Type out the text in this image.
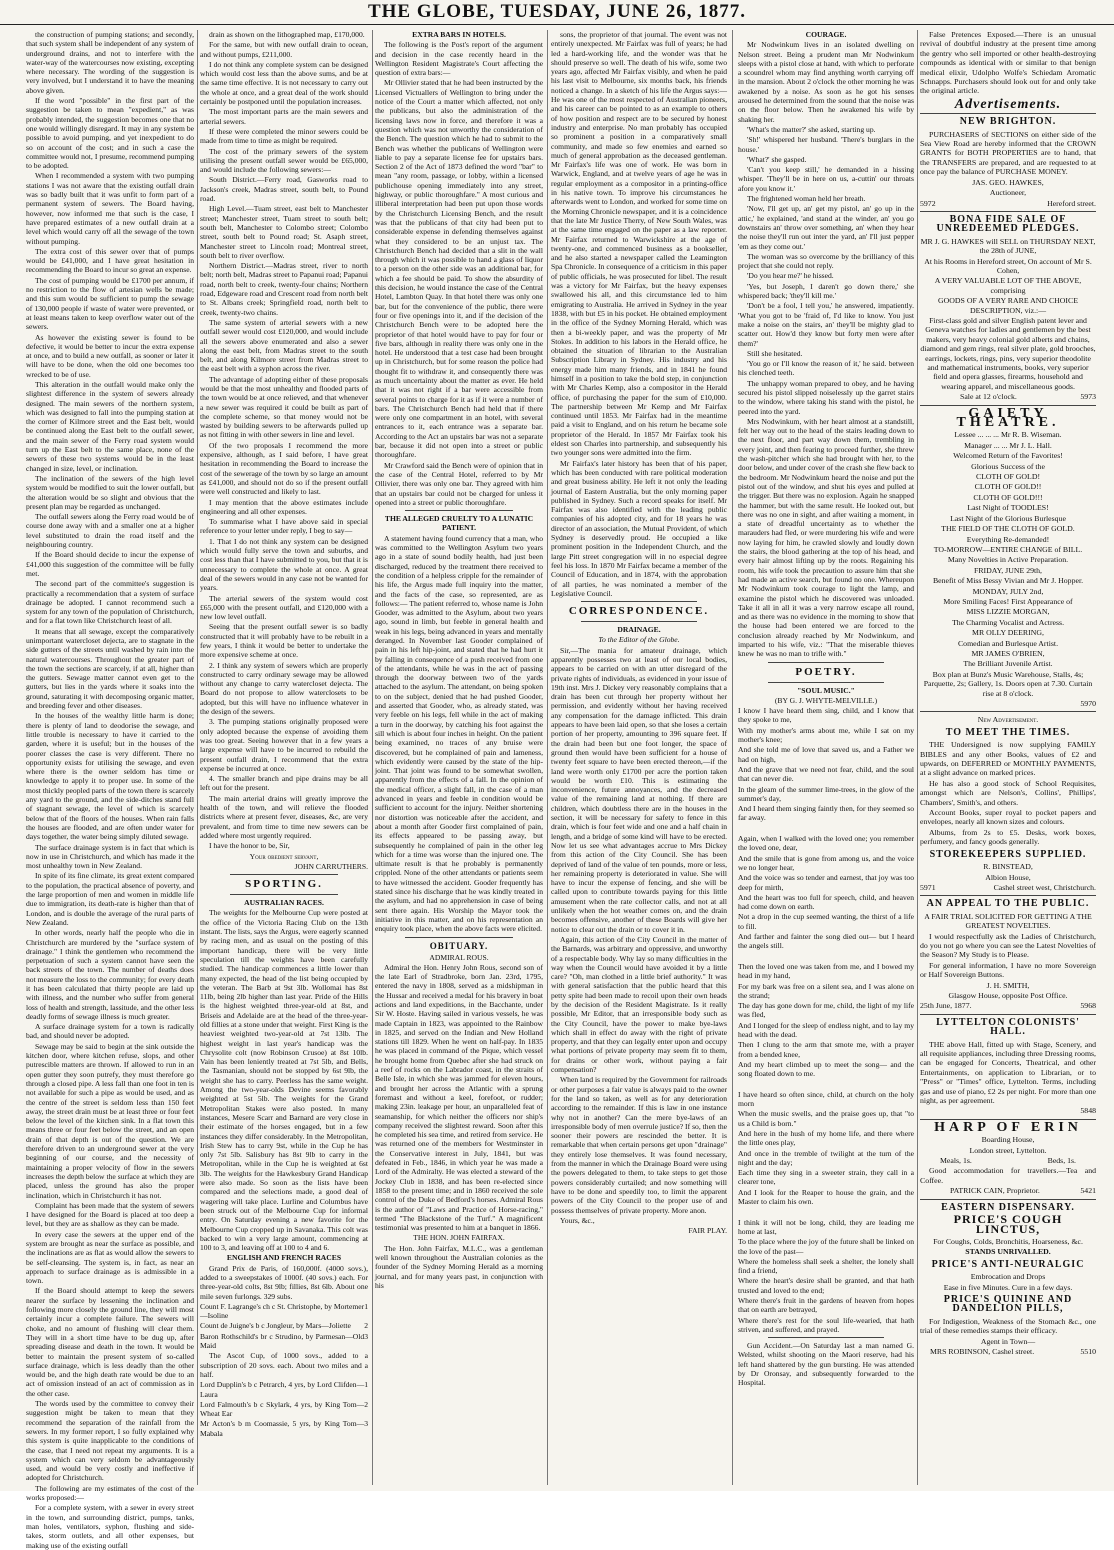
THE GLOBE, TUESDAY, JUNE 26, 1877.

the construction of pumping stations; and secondly, that such system shall be independent of any system of underground drains, and not to interfere with the water-way of the watercourses now existing, excepting where necessary. The wording of the suggestion is very involved, but I understand it to have the meaning above given.

If the word "possible" in the first part of the suggestion be taken to mean "expedient," as was probably intended, the suggestion becomes one that no one would willingly disregard. It may in any system be possible to avoid pumping, and yet inexpedient to do so on account of the cost; and in such a case the committee would not, I presume, recommend pumping to be adopted.

When I recommended a system with two pumping stations I was not aware that the existing outfall drain was so badly built that it was unfit to form part of a permanent system of sewers. The Board having, however, now informed me that such is the case, I have prepared estimates of a new outfall drain at a level which would carry off all the sewage of the town without pumping.

The extra cost of this sewer over that of pumps would be £41,000, and I have great hesitation in recommending the Board to incur so great an expense.

The cost of pumping would be £1700 per annum, if no restriction to the flow of artesian wells be made; and this sum would be sufficient to pump the sewage of 130,000 people if waste of water were prevented, or at least means taken to keep overflow water out of the sewers.

As however the existing sewer is found to be defective, it would be better to incur the extra expense at once, and to build a new outfall, as sooner or later it will have to be done, when the old one becomes too wrecked to be of use.

This alteration in the outfall would make only the slightest difference in the system of sewers already designed. The main sewers of the northern system, which was designed to fall into the pumping station at the corner of Kilmore street and the East belt, would be continued along the East belt to the outfall sewer, and the main sewer of the Ferry road system would turn up the East belt to the same place, none of the sewers of these two systems would be in the least changed in size, level, or inclination.

The inclination of the sewers of the high level system would be modified to suit the lower outfall, but the alteration would be so slight and obvious that the present plan may be regarded as unchanged.

The outfall sewers along the Ferry road would be of course done away with and a smaller one at a higher level substituted to drain the road itself and the neighbouring country.

If the Board should decide to incur the expense of £41,000 this suggestion of the committee will be fully met.

The second part of the committee's suggestion is practically a recommendation that a system of surface drainage be adopted. I cannot recommend such a system for any town of the population of Christchurch, and for a flat town like Christchurch least of all.

It means that all sewage, except the comparatively unimportant watercloset dejecta, are to stagnate in the side gutters of the streets until washed by rain into the natural watercourses. Throughout the greater part of the town the sections are scarcely, if at all, higher than the gutters. Sewage matter cannot even get to the gutters, but lies in the yards where it soaks into the ground, saturating it with decomposing organic matter, and breeding fever and other diseases.

In the houses of the wealthy little harm is done; there is plenty of land to deodorise the sewage, and little trouble is necessary to have it carried to the garden, where it is useful; but in the houses of the poorer classes the case is very different. There no opportunity exists for utilising the sewage, and even where there is the owner seldom has time or knowledge to apply it to proper use. In some of the most thickly peopled parts of the town there is scarcely any yard to the ground, and the side-ditches stand full of stagnant sewage, the level of which is scarcely below that of the floors of the houses. When rain falls the houses are flooded, and are often under water for days together, the water being simply diluted sewage.

The surface drainage system is in fact that which is now in use in Christchurch, and which has made it the most unhealthy town in New Zealand.

In spite of its fine climate, its great extent compared to the population, the practical absence of poverty, and the large proportion of men and women in middle life due to immigration, its death-rate is higher than that of London, and is double the average of the rural parts of New Zealand.

In other words, nearly half the people who die in Christchurch are murdered by the "surface system of drainage." I think the gentlemen who recommend the perpetuation of such a system cannot have seen the back streets of the town. The number of deaths does not measure the loss to the community; for every death it has been calculated that thirty people are laid up with illness, and the number who suffer from general loss of health and strength, lassitude, and the other less deadly forms of sewage illness is much greater.

A surface drainage system for a town is radically bad, and should never be adopted.

Sewage may be said to begin at the sink outside the kitchen door, where kitchen refuse, slops, and other putrescible matters are thrown. If allowed to run in an open gutter they soon putrefy, they must therefore go through a closed pipe. A less fall than one foot in ten is not available for such a pipe as would be used, and as the centre of the street is seldom less than 150 feet away, the street drain must be at least three or four feet below the level of the kitchen sink. In a flat town this means three or four feet below the street, and an open drain of that depth is out of the question. We are therefore driven to an underground sewer at the very beginning of our course, and the necessity of maintaining a proper velocity of flow in the sewers increases the depth below the surface at which they are placed, unless the ground has also the proper inclination, which in Christchurch it has not.

Complaint has been made that the system of sewers I have designed for the Board is placed at too deep a level, but they are as shallow as they can be made.

In every case the sewers at the upper end of the system are brought as near the surface as possible, and the inclinations are as flat as would allow the sewers to be self-cleansing. The system is, in fact, as near an approach to surface drainage as is admissible in a town.

If the Board should attempt to keep the sewers nearer the surface by lessening the inclination and following more closely the ground line, they will most certainly incur a complete failure. The sewers will choke, and no amount of flushing will clear them. They will in a short time have to be dug up, after spreading disease and death in the town. It would be better to maintain the present system of so-called surface drainage, which is less deadly than the other would be, and the high death rate would be due to an act of omission instead of an act of commission as in the other case.

The words used by the committee to convey their suggestion might be taken to mean that they recommend the separation of the rainfall from the sewers. In my former report, I so fully explained why this system is quite inapplicable to the conditions of the case, that I need not repeat my arguments. It is a system which can very seldom be advantageously used, and would be very costly and ineffective if adopted for Christchurch.

The following are my estimates of the cost of the works proposed:—

For a complete system, with a sewer in every street in the town, and surrounding district, pumps, tanks, man holes, ventilators, syphon, flushing and side-takes, storm outlets, and all other expenses, but making use of the existing outfall

drain as shown on the lithographed map, £170,000.

For the same, but with new outfall drain to ocean, and without pumps, £211,000.

I do not think any complete system can be designed which would cost less than the above sums, and be at the same time effective. It is not necessary to carry out the whole at once, and a great deal of the work should certainly be postponed until the population increases.

The most important parts are the main sewers and arterial sewers.

If these were completed the minor sewers could be made from time to time as might be required.

The cost of the primary sewers of the system utilising the present outfall sewer would be £65,000, and would include the following sewers:—

South District.—Ferry road, Gasworks road to Jackson's creek, Madras street, south belt, to Pound road.

High Level.—Tuam street, east belt to Manchester street; Manchester street, Tuam street to south belt; south belt, Manchester to Colombo street; Colombo street, south belt to Pound road; St. Asaph street, Manchester street to Lincoln road; Montreal street, south belt to river overflow.

Northern District.—Madras street, river to north belt; north belt, Madras street to Papanui road; Papanui road, north belt to creek, twenty-four chains; Northern road, Edgeware road and Crescent road from north belt to St. Albans creek; Springfield road, north belt to creek, twenty-two chains.

The same system of arterial sewers with a new outfall sewer would cost £120,000, and would include all the sewers above enumerated and also a sewer along the east belt, from Madras street to the south belt, and along Kilmore street from Madras street to the east belt with a syphon across the river.

The advantage of adopting either of these proposals would be that the most unhealthy and flooded parts of the town would be at once relieved, and that whenever a new sewer was required it could be built as part of the complete scheme, so that money would not be wasted by building sewers to be afterwards pulled up as not fitting in with other sewers in line and level.

Of the two proposals I recommend the more expensive, although, as I said before, I have great hesitation in recommending the Board to increase the cost of the sewerage of the town by so large an amount as £41,000, and should not do so if the present outfall were well constructed and likely to last.

I may mention that the above estimates include engineering and all other expenses.

To summarise what I have above said in special reference to your letter under reply, I beg to say—

1. That I do not think any system can be designed which would fully serve the town and suburbs, and cost less than that I have submitted to you, but that it is unnecessary to complete the whole at once. A great deal of the sewers would in any case not be wanted for years.

The arterial sewers of the system would cost £65,000 with the present outfall, and £120,000 with a new low level outfall.

Seeing that the present outfall sewer is so badly constructed that it will probably have to be rebuilt in a few years, I think it would be better to undertake the more expensive scheme at once.

2. I think any system of sewers which are properly constructed to carry ordinary sewage may be allowed without any change to carry watercloset dejecta. The Board do not propose to allow waterclosets to be adopted, but this will have no influence whatever in the design of the sewers.

3. The pumping stations originally proposed were only adopted because the expense of avoiding them was too great. Seeing however that in a few years a large expense will have to be incurred to rebuild the present outfall drain, I recommend that the extra expense be incurred at once.

4. The smaller branch and pipe drains may be all left out for the present.

The main arterial drains will greatly improve the health of the town, and will relieve the flooded districts where at present fever, diseases, &c, are very prevalent, and from time to time new sewers can be added where most urgently required.

I have the honor to be, Sir,

Your obedient servant,

JOHN CARRUTHERS.

SPORTING.

AUSTRALIAN RACES.

The weights for the Melbourne Cup were posted at the office of the Victoria Racing Club on the 13th instant. The lists, says the Argus, were eagerly scanned by racing men, and as usual on the posting of this important handicap, there will be very little speculation till the weights have been carefully studied. The handicap commences a little lower than many expected, the head of the list being occupied by the veteran. The Barb at 9st 3lb. Wollomai has 8st 11lb, being 2lb higher than last year. Pride of the Hills is the highest weighted three-year-old at 8st, and Briseis and Adelaide are at the head of the three-year-old fillies at a stone under that weight. First King is the heaviest weighted two-year-old at 7st 13lb. The highest weight in last year's handicap was the Chrysolite colt (now Robinson Crusoe) at 8st 10lb. Vain has been leniently treated at 7st 5lb, and Bells, the Tasmanian, should not be stopped by 6st 9lb, the weight she has to carry. Peerless has the same weight. Among the two-year-olds Devine seems favorably weighted at 5st 5lb. The weights for the Grand Metropolitan Stakes were also posted. In many instances, Mesere Scarr and Barnard are very close in their estimate of the horses engaged, but in a few instances they differ considerably. In the Metropolitan, Irish Stew has to carry 9st, while in the Cup he has only 7st 5lb. Salisbury has 8st 9lb to carry in the Metropolitan, while in the Cup he is weighted at 6st 3lb. The weights for the Hawkesbury Grand Handicap were also made. So soon as the lists have been compared and the selections made, a good deal of wagering will take place. Lurline and Columbus have been struck out of the Melbourne Cup for informal entry. On Saturday evening a new favorite for the Melbourne Cup cropped up in Savanaka. This colt was backed to win a very large amount, commencing at 100 to 3, and leaving off at 100 to 4 and 6.

ENGLISH AND FRENCH RACES

Grand Prix de Paris, of 160,000f. (4000 sovs.), added to a sweepstakes of 1000f. (40 sovs.) each. For three-year-old colts, 8st 9lb; fillies, 8st 6lb. About one mile seven furlongs. 329 subs.

1
Count F. Lagrange's ch c St. Christophe, by Mortemer—Isoline

2
Count de Juigne's b c Jongleur, by Mars—Joliette

3
Baron Rothschild's br c Strudino, by Parmesan—Old Maid

The Ascot Cup, of 1000 sovs., added to a subscription of 20 sovs. each. About two miles and a half.

1
Lord Dupplin's b c Petrarch, 4 yrs, by Lord Clifden—Laura

2
Lord Falmouth's b c Skylark, 4 yrs, by King Tom—Wheat Ear

3
Mr Acton's b m Coomassie, 5 yrs, by King Tom—Mabala

EXTRA BARS IN HOTELS.

The following is the Post's report of the argument and decision in the case recently heard in the Wellington Resident Magistrate's Court affecting the question of extra bars:—

Mr Ollivier stated that he had been instructed by the Licensed Victuallers of Wellington to bring under the notice of the Court a matter which affected, not only the publicans, but also the administration of the licensing laws now in force, and therefore it was a question which was not unworthy the consideration of the Bench. The question which he had to submit to the Bench was whether the publicans of Wellington were liable to pay a separate license fee for upstairs bars. Section 2 of the Act of 1873 defined the word "bar" to mean "any room, passage, or lobby, within a licensed publichouse opening immediately into any street, highway, or public thoroughfare." A most curious and illiberal interpretation had been put upon those words by the Christchurch Licensing Bench, and the result was that the publicans of that city had been put to considerable expense in defending themselves against what they considered to be an unjust tax. The Christchurch Bench had decided that a slit in the wall through which it was possible to hand a glass of liquor to a person on the other side was an additional bar, for which a fee should be paid. To show the absurdity of this decision, he would instance the case of the Central Hotel, Lambton Quay. In that hotel there was only one bar, but for the convenience of the public, there were four or five openings into it, and if the decision of the Christchurch Bench were to be adopted here the proprietor of that hotel would have to pay for four or five bars, although in reality there was only one in the hotel. He understood that a test case had been brought up in Christchurch, but for some reason the police had thought fit to withdraw it, and consequently there was as much uncertainty about the matter as ever. He held that it was not right if a bar were accessible from several points to charge for it as if it were a number of bars. The Christchurch Bench had held that if there were only one compartment in an hotel, with several entrances to it, each entrance was a separate bar. According to the Act an upstairs bar was not a separate bar, because it did not open into a street or public thoroughfare.

Mr Crawford said the Bench were of opinion that in the case of the Central Hotel, referred to by Mr Ollivier, there was only one bar. They agreed with him that an upstairs bar could not be charged for unless it opened into a street or public thoroughfare.

THE ALLEGED CRUELTY TO A LUNATIC PATIENT.

A statement having found currency that a man, who was committed to the Wellington Asylum two years ago in a state of sound bodily health, had just been discharged, reduced by the treatment there received to the condition of a helpless cripple for the remainder of his life, the Argus made full inquiry into the matter, and the facts of the case, so represented, are as follows:— The patient referred to, whose name is John Gooder, was admitted to the Asylum, about two years ago, sound in limb, but feeble in general health and weak in his legs, being advanced in years and mentally deranged. In November last Gooder complained of pain in his left hip-joint, and stated that he had hurt it by falling in consequence of a push received from one of the attendants, while he was in the act of passing through the doorway between two of the yards attached to the asylum. The attendant, on being spoken to on the subject, denied that he had pushed Gooder, and asserted that Gooder, who, as already stated, was very feeble on his legs, fell while in the act of making a turn in the doorway, by catching his foot against the sill which is about four inches in height. On the patient being examined, no traces of any bruise were discovered, but he complained of pain and lameness, which evidently were caused by the state of the hip-joint. That joint was found to be somewhat swollen, apparently from the effects of a fall. In the opinion of the medical officer, a slight fall, in the case of a man advanced in years and feeble in condition would be sufficient to account for the injury. Neither shortening nor distortion was noticeable after the accident, and about a month after Gooder first complained of pain, its effects appeared to be passing away, but subsequently he complained of pain in the other leg which for a time was worse than the injured one. The ultimate result is that he probably is permanently crippled. None of the other attendants or patients seem to have witnessed the accident. Gooder frequently has stated since his discharge that he was kindly treated in the asylum, and had no apprehension in case of being sent there again. His Worship the Mayor took the initiative in this matter, and on his representation an enquiry took place, when the above facts were elicited.

OBITUARY.

ADMIRAL ROUS.

Admiral the Hon. Henry John Rous, second son of the late Earl of Stradbroke, born Jan. 23rd, 1795, entered the navy in 1808, served as a midshipman in the Hussar and received a medal for his bravery in boat actions and land expeditions, in the Bacchante, under Sir W. Hoste. Having sailed in various vessels, he was made Captain in 1823, was appointed to the Rainbow in 1825, and served on the Indian and New Holland stations till 1829. When he went on half-pay. In 1835 he was placed in command of the Pique, which vessel he brought home from Quebec after she had struck on a reef of rocks on the Labrador coast, in the straits of Belle Isle, in which she was jammed for eleven hours, and brought her across the Atlantic with a sprung foremast and without a keel, forefoot, or rudder; making 23in. leakage per hour, an unparalleled feat of seamanship, for which neither the officers nor ship's company received the slightest reward. Soon after this he completed his sea time, and retired from service. He was returned one of the members for Westminster in the Conservative interest in July, 1841, but was defeated in Feb., 1846, in which year he was made a Lord of the Admiralty. He was elected a steward of the Jockey Club in 1838, and has been re-elected since 1858 to the present time; and in 1860 received the sole control of the Duke of Bedford's horses. Admiral Rous is the author of "Laws and Practice of Horse-racing," termed "The Blackstone of the Turf." A magnificent testimonial was presented to him at a banquet in 1866.

THE HON. JOHN FAIRFAX.

The Hon. John Fairfax, M.L.C., was a gentleman well known throughout the Australian colonies as the founder of the Sydney Morning Herald as a morning journal, and for many years past, in conjunction with his

sons, the proprietor of that journal. The event was not entirely unexpected. Mr Fairfax was full of years; he had led a hard-working life, and the wonder was that he should preserve so well. The death of his wife, some two years ago, affected Mr Fairfax visibly, and when he paid his last visit to Melbourne, six months back, his friends noticed a change. In a sketch of his life the Argus says:—He was one of the most respected of Australian pioneers, and his career can be pointed to as an example to others of how position and respect are to be secured by honest industry and enterprise. No man probably has occupied so prominent a position in a comparatively small community, and made so few enemies and earned so much of general approbation as the deceased gentleman. Mr Fairfax's life was one of work. He was born in Warwick, England, and at twelve years of age he was in regular employment as a compositor in a printing-office in his native town. To improve his circumstances he afterwards went to London, and worked for some time on the Morning Chronicle newspaper, and it is a coincidence that the late Mr Justice Therry, of New South Wales, was at the same time engaged on the paper as a law reporter. Mr Fairfax returned to Warwickshire at the age of twenty-one, and commenced business as a bookseller, and he also started a newspaper called the Leamington Spa Chronicle. In consequence of a criticism in this paper of public officials, he was prosecuted for libel. The result was a victory for Mr Fairfax, but the heavy expenses swallowed his all, and this circumstance led to him emigrating to Australia. He arrived in Sydney in the year 1838, with but £5 in his pocket. He obtained employment in the office of the Sydney Morning Herald, which was then a bi-weekly paper, and was the property of Mr Stokes. In addition to his labors in the Herald office, he obtained the situation of librarian to the Australian Subscription Library in Sydney. His industry and his energy made him many friends, and in 1841 he found himself in a position to take the bold step, in conjunction with Mr Charles Kemp, also a compositor in the Herald office, of purchasing the paper for the sum of £10,000. The partnership between Mr Kemp and Mr Fairfax continued until 1853. Mr Fairfax had in the meantime paid a visit to England, and on his return he became sole proprietor of the Herald. In 1857 Mr Fairfax took his eldest son Charles into partnership, and subsequently his two younger sons were admitted into the firm.

Mr Fairfax's later history has been that of his paper, which has been conducted with rare political moderation and great business ability. He left it not only the leading journal of Eastern Australia, but the only morning paper published in Sydney. Such a record speaks for itself. Mr Fairfax was also identified with the leading public companies of his adopted city, and for 18 years he was director of an association, the Mutual Provident, of which Sydney is deservedly proud. He occupied a like prominent position in the Independent Church, and the large Pitt street congregation will in no especial degree feel his loss. In 1870 Mr Fairfax became a member of the Council of Education, and in 1874, with the approbation of all parties, he was nominated a member of the Legislative Council.

CORRESPONDENCE.

DRAINAGE.

To the Editor of the Globe.

Sir,—The mania for amateur drainage, which apparently possesses two at least of our local bodies, appears to be carried on with an utter disregard of the private rights of individuals, as evidenced in your issue of 19th inst. Mrs J. Dickey very reasonably complains that a drain has been cut through her property without her permission, and evidently without her having received any compensation for the damage inflicted. This drain appears to have been laid open, so that she loses a certain portion of her property, amounting to 396 square feet. If the drain had been but one foot longer, the space of ground then would have been sufficient for a house of twenty feet square to have been erected thereon,—if the land were worth only £1700 per acre the portion taken would be worth £10. This is estimating the inconvenience, future annoyances, and the decreased value of the remaining land at nothing. If there are children, which doubtless there are in the houses in the section, it will be necessary for safety to fence in this drain, which is four feet wide and one and a half chain in length, and a bridge of some kind will have to be erected. Now let us see what advantages accrue to Mrs Dickey from this action of the City Council. She has been deprived of land of the value of ten pounds, more or less, her remaining property is deteriorated in value. She will have to incur the expense of fencing, and she will be called upon to contribute towards paying for this little amusement when the rate collector calls, and not at all unlikely when the hot weather comes on, and the drain becomes offensive, another of these Boards will give her notice to clear out the drain or to cover it in.

Again, this action of the City Council in the matter of the Barnards, was arbitrary and oppressive, and unworthy of a respectable body. Why lay so many difficulties in the way when the Council would have avoided it by a little care? "Oh, man clothed in a little brief authority." It was with general satisfaction that the public heard that this petty spite had been made to recoil upon their own heads by the decision of the Resident Magistrate. Is it really possible, Mr Editor, that an irresponsible body such as the City Council, have the power to make bye-laws which shall in effect do away with the right of private property, and that they can legally enter upon and occupy what portions of private property may seem fit to them, for drains or other work, without paying a fair compensation?

When land is required by the Government for railroads or other purposes a fair value is always paid to the owner for the land so taken, as well as for any deterioration according to the remainder. If this is law in one instance why not in another? Can the mere bye-laws of an irresponsible body of men overrule justice? If so, then the sooner their powers are rescinded the better. It is remarkable that when certain persons get upon "drainage" they entirely lose themselves. It was found necessary, from the manner in which the Drainage Board were using the powers delegated to them, to take steps to get those powers considerably curtailed; and now something will have to be done and speedily too, to limit the apparent powers of the City Council to the proper use of and possess themselves of private property. More anon.

Yours, &c.,

FAIR PLAY.

COURAGE.

Mr Nodwinkum lives in an isolated dwelling on Nelson street. Being a prudent man Mr Nodwinkum sleeps with a pistol close at hand, with which to perforate a scoundrel whom may find anything worth carrying off in the mansion. About 2 o'clock the other morning he was awakened by a noise. As soon as he got his senses aroused he determined from the sound that the noise was on the floor below. Then he awakened his wife by shaking her.

'What's the matter?' she asked, starting up.

'Sh!' whispered her husband. 'There's burglars in the house.'

'What?' she gasped.

'Can't you keep still,' he demanded in a hissing whisper. 'They'll be in here on us, a-cuttin' our throats afore you know it.'

The frightened woman held her breath.

'Now, I'll get up, an' get my pistol, an' go up in the attic,' he explained, 'and stand at the winder, an' you go downstairs an' throw over something, an' when they hear the noise they'll run out inter the yard, an' I'll just pepper 'em as they come out.'

The woman was so overcome by the brilliancy of this project that she could not reply.

'Do you hear me?' he hissed.

'Yes, but Joseph, I daren't go down there,' she whispered back; 'they'll kill me.'

'Don't be a fool, I tell you,' he answered, impatiently. 'What you got to be 'fraid of, I'd like to know. You just make a noise on the stairs, an' they'll be mighty glad to scatter out. How'd they know but forty men were after them?'

Still she hesitated.

'You go or I'll know the reason of it,' he said. between his clenched teeth.

The unhappy woman prepared to obey, and he having secured his pistol slipped noiselessly up the garret stairs to the window, where taking his stand with the pistol, he peered into the yard.

Mrs Nodwinkum, with her heart almost at a standstill, felt her way out to the head of the stairs leading down to the next floor, and part way down them, trembling in every joint, and then fearing to proceed further, she threw the wash-pitcher which she had brought with her, to the door below, and under cover of the crash she flew back to the bedroom. Mr Nodwinkum heard the noise and put the pistol out of the window, and shut his eyes and pulled at the trigger. But there was no explosion. Again he snapped the hammer, but with the same result. He looked out, but there was no one in sight, and after waiting a moment, in a state of dreadful uncertainty as to whether the marauders had fled, or were murdering his wife and were now laying for him, he crawled slowly and loudly down the stairs, the blood gathering at the top of his head, and every hair almost lifting up by the roots. Regaining his room, his wife took the precaution to assure him that she had made an active search, but found no one. Whereupon Mr Nodwinkum took courage to light the lamp, and examine the pistol which he discovered was unloaded. Take it all in all it was a very narrow escape all round, and as there was no evidence in the morning to show that the house had been entered we are forced to the conclusion already reached by Mr Nodwinkum, and imparted to his wife, viz.: "That the miserable thieves knew he was no man to trifle with."

POETRY.

"SOUL MUSIC."

(BY G. J. WHYTE-MELVILLE.)

I know I have heard them sing, child, and I know that they spoke to me,

With my mother's arms about me, while I sat on my mother's knee;

And she told me of love that saved us, and a Father we had on high,

And the grave that we need not fear, child, and the soul that can never die.

In the gleam of the summer lime-trees, in the glow of the summer's day,

And I heard them singing faintly then, for they seemed so far away.

Again, when I walked with the loved one; you remember the loved one, dear,

And the smile that is gone from among us, and the voice we no longer hear,

And the voice was so tender and earnest, that joy was too deep for mirth,

And the heart was too full for speech, child, and heaven had come down on earth.

Not a drop in the cup seemed wanting, the thirst of a life to fill.

And farther and fainter the song died out— but I heard the angels still.

Then the loved one was taken from me, and I bowed my head in my hand,

For my bark was free on a silent sea, and I was alone on the strand;

The day has gone down for me, child, the light of my life was fled,

And I longed for the sleep of endless night, and to lay my head with the dead.

Then I clung to the arm that smote me, with a prayer from a bended knee,

And my heart climbed up to meet the song— and the song floated down to me.

I have heard so often since, child, at church on the holy morn

When the music swells, and the praise goes up, that "to us a Child is born."

And here in the hush of my home life, and there where the little ones play,

And once in the tremble of twilight at the turn of the night and the day;

Each time they sing in a sweeter strain, they call in a clearer tone,

And I look for the Reaper to house the grain, and the Master to claim his own.

I think it will not be long, child, they are leading me home at last,

To the place where the joy of the future shall be linked on the love of the past—

Where the homeless shall seek a shelter, the lonely shall find a friend,

Where the heart's desire shall be granted, and that hath trusted and loved to the end;

Where there's fruit in the gardens of heaven from hopes that on earth are betrayed,

Where there's rest for the soul life-wearied, that hath striven, and suffered, and prayed.

Gun Accident.—On Saturday last a man named G. Welsted, whilst shooting on the Maori reserve, had his left hand shattered by the gun bursting. He was attended by Dr Oronsay, and subsequently forwarded to the Hospital.

False Pretences Exposed.—There is an unusual revival of doubtful industry at the present time among the gentry who sell imported or other health-destroying compounds as identical with or similar to that benign medical elixir, Udolpho Wolfe's Schiedam Aromatic Schnapps. Purchasers should look out for and only take the original article.

Advertisements.
NEW BRIGHTON.

PURCHASERS of SECTIONS on either side of the Sea View Road are hereby informed that the CROWN GRANTS for BOTH PROPERTIES are to hand, that the TRANSFERS are prepared, and are requested to at once pay the balance of PURCHASE MONEY.

JAS. GEO. HAWKES,

Auctioneer,

5972	Hereford street.

BONA FIDE SALE OF UNREDEEMED PLEDGES.

MR J. G. HAWKES will SELL on THURSDAY NEXT, the 28th of JUNE,

At his Rooms in Hereford street, On account of Mr S. Cohen,

A VERY VALUABLE LOT OF THE ABOVE, comprising

GOODS OF A VERY RARE AND CHOICE DESCRIPTION, viz.:—

First-class gold and silver English patent lever and Geneva watches for ladies and gentlemen by the best makers, very heavy colonial gold alberts and chains, diamond and gem rings, real silver plate, gold brooches, earrings, lockets, rings, pins, very superior theodolite and mathematical instruments, books, very superior field and opera glasses, firearms, household and wearing apparel, and miscellaneous goods.

Sale at 12 o'clock.	5973

GAIETY THEATRE.

Lessee ... ... ... Mr R. B. Wiseman.

Manager ... ... Mr J. L. Hall.

Welcomed Return of the Favorites!

Glorious Success of the

CLOTH OF GOLD!

CLOTH OF GOLD!!

CLOTH OF GOLD!!!

Last Night of TOODLES!

Last Night of the Glorious Burlesque

THE FIELD OF THE CLOTH OF GOLD.

Everything Re-demanded!

TO-MORROW—ENTIRE CHANGE of BILL.

Many Novelties in Active Preparation.

FRIDAY, JUNE 29th,

Benefit of Miss Bessy Vivian and Mr J. Hopper.

MONDAY, JULY 2nd,

More Smiling Faces! First Appearance of

MISS LIZZIE MORGAN,

The Charming Vocalist and Actress.

MR OLLY DEERING,

Comedian and Burlesque Artist.

MR JAMES O'BRIEN,

The Brilliant Juvenile Artist.

Box plan at Bunz's Music Warehouse, Stalls, 4s; Parquette, 2s; Gallery, 1s. Doors open at 7.30. Curtain rise at 8 o'clock.

5970

New Advertisement.

TO MEET THE TIMES.

THE Undersigned is now supplying FAMILY BIBLES and any other Books, values of £2 and upwards, on DEFERRED or MONTHLY PAYMENTS, at a slight advance on marked prices.

He has also a good stock of School Requisites, amongst which are Nelson's, Collins', Phillips', Chambers', Smith's, and others.

Account Books, super royal to pocket papers and envelopes, nearly all known sizes and colours.

Albums, from 2s to £5. Desks, work boxes, perfumery, and fancy goods generally.

STOREKEEPERS SUPPLIED.

R. BINSTEAD,

Albion House,

5971	Cashel street west, Christchurch.

AN APPEAL TO THE PUBLIC.

A FAIR TRIAL SOLICITED FOR GETTING A THE GREATEST NOVELTIES.

I would respectfully ask the Ladies of Christchurch, do you not go where you can see the Latest Novelties of the Season? My Study is to Please.

For general information, I have no more Sovereign or Half Sovereign Buttons.

J. H. SMITH,

Glasgow House, opposite Post Office.

25th June, 1877.	5968

LYTTELTON COLONISTS' HALL.

THE above Hall, fitted up with Stage, Scenery, and all requisite appliances, including three Dressing rooms, can be engaged for Concerts, Theatrical, and other Entertainments, on application to Librarian, or to "Press" or "Times" office, Lyttelton. Terms, including gas and use of piano, £2 2s per night. For more than one night, as per agreement.

5848

HARP OF ERIN

Boarding House,

London street, Lyttelton.

Meals, 1s.	Beds, 1s.

Good accommodation for travellers.—Tea and Coffee.

PATRICK CAIN, Proprietor.	5421

EASTERN DISPENSARY.
PRICE'S COUGH LINCTUS,

For Coughs, Colds, Bronchitis, Hoarseness, &c.

STANDS UNRIVALLED.

PRICE'S ANTI-NEURALGIC

Embrocation and Drops

Ease in five Minutes. Cure in a few days.

PRICE'S QUININE AND DANDELION PILLS,

For Indigestion, Weakness of the Stomach &c., one trial of these remedies stamps their efficacy.

Agent in Town—

MRS ROBINSON, Cashel street.	5510
